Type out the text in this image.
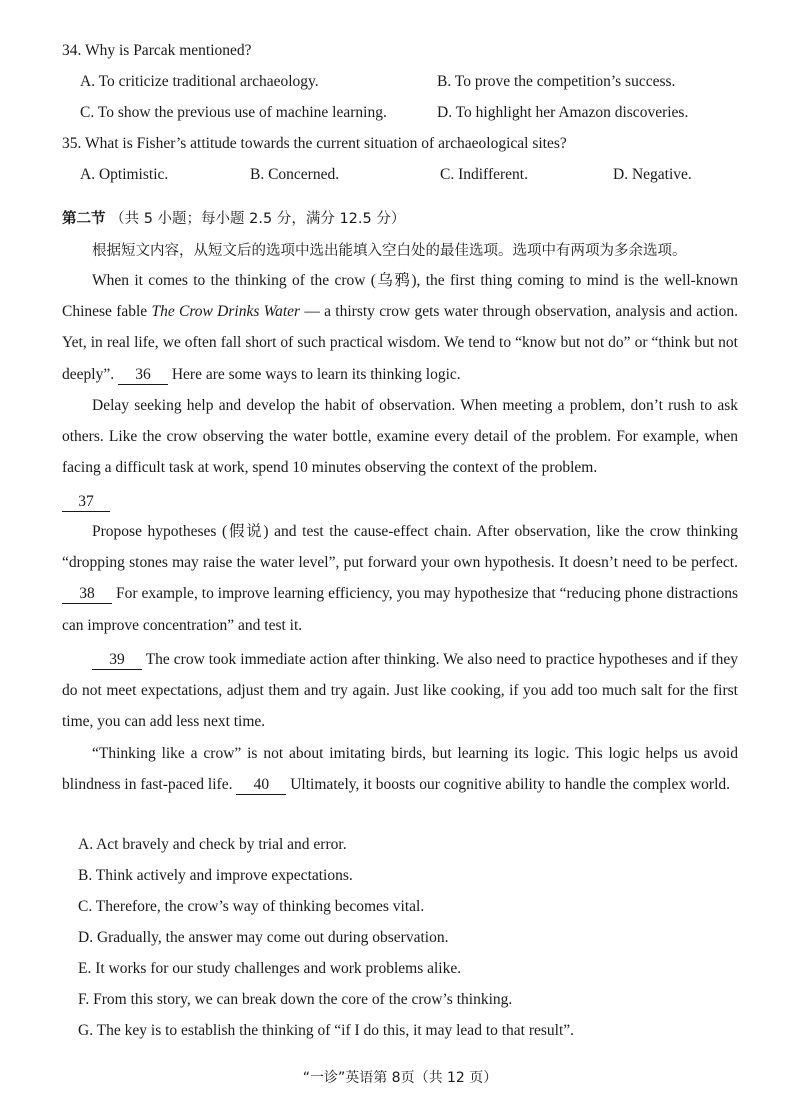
34. Why is Parcak mentioned?
A. To criticize traditional archaeology.	B. To prove the competition’s success.
C. To show the previous use of machine learning.	D. To highlight her Amazon discoveries.
35. What is Fisher’s attitude towards the current situation of archaeological sites?
A. Optimistic.	B. Concerned.	C. Indifferent.	D. Negative.
第二节 （共 5 小题；每小题 2.5 分，满分 12.5 分）
根据短文内容，从短文后的选项中选出能填入空白处的最佳选项。选项中有两项为多余选项。
When it comes to the thinking of the crow (乌鸦), the first thing coming to mind is the well-known Chinese fable The Crow Drinks Water — a thirsty crow gets water through observation, analysis and action. Yet, in real life, we often fall short of such practical wisdom. We tend to “know but not do” or “think but not deeply”. 36 Here are some ways to learn its thinking logic.
Delay seeking help and develop the habit of observation. When meeting a problem, don’t rush to ask others. Like the crow observing the water bottle, examine every detail of the problem. For example, when facing a difficult task at work, spend 10 minutes observing the context of the problem.
37
Propose hypotheses (假说) and test the cause-effect chain. After observation, like the crow thinking “dropping stones may raise the water level”, put forward your own hypothesis. It doesn’t need to be perfect. 38 For example, to improve learning efficiency, you may hypothesize that “reducing phone distractions can improve concentration” and test it.
39 The crow took immediate action after thinking. We also need to practice hypotheses and if they do not meet expectations, adjust them and try again. Just like cooking, if you add too much salt for the first time, you can add less next time.
“Thinking like a crow” is not about imitating birds, but learning its logic. This logic helps us avoid blindness in fast-paced life. 40 Ultimately, it boosts our cognitive ability to handle the complex world.
A. Act bravely and check by trial and error.
B. Think actively and improve expectations.
C. Therefore, the crow’s way of thinking becomes vital.
D. Gradually, the answer may come out during observation.
E. It works for our study challenges and work problems alike.
F. From this story, we can break down the core of the crow’s thinking.
G. The key is to establish the thinking of “if I do this, it may lead to that result”.
“一诊”英语第 8页（共 12 页）
